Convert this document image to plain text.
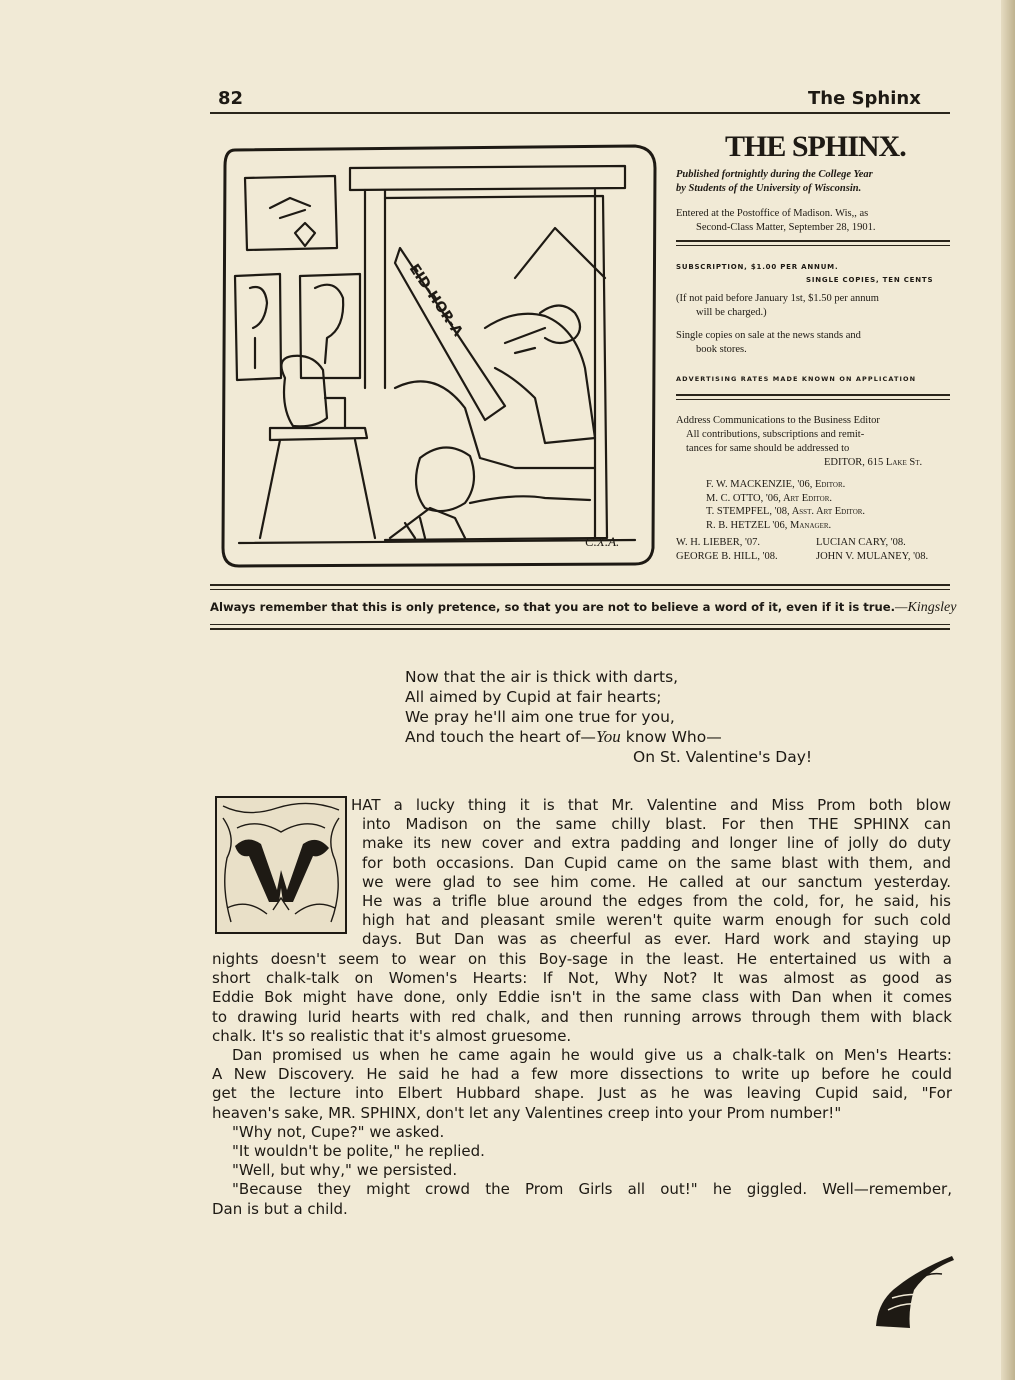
82	The Sphinx
EID-HOR-A
C.X.A.
THE SPHINX.
Published fortnightly during the College Year
by Students of the University of Wisconsin.
Entered at the Postoffice of Madison. Wis,, as
Second-Class Matter, September 28, 1901.
SUBSCRIPTION, $1.00 PER ANNUM.
SINGLE COPIES, TEN CENTS
(If not paid before January 1st, $1.50 per annum
will be charged.)
Single copies on sale at the news stands and
book stores.
ADVERTISING RATES MADE KNOWN ON APPLICATION
Address Communications to the Business Editor
All contributions, subscriptions and remit-
tances for same should be addressed to
EDITOR, 615 Lake St.
F. W. MACKENZIE, '06, Editor.
M. C. OTTO, '06, Art Editor.
T. STEMPFEL, '08, Asst. Art Editor.
R. B. HETZEL '06, Manager.
W. H. LIEBER, '07.
GEORGE B. HILL, '08.
LUCIAN CARY, '08.
JOHN V. MULANEY, '08.
Always remember that this is only pretence, so that you are not to believe a word of it, even if it is true.—Kingsley
Now that the air is thick with darts,
All aimed by Cupid at fair hearts;
We pray he'll aim one true for you,
And touch the heart of—You know Who—
On St. Valentine's Day!
HAT a lucky thing it is that Mr. Valentine and Miss Prom both blow
into Madison on the same chilly blast. For then THE SPHINX can
make its new cover and extra padding and longer line of jolly do duty
for both occasions. Dan Cupid came on the same blast with them, and
we were glad to see him come. He called at our sanctum yesterday.
He was a trifle blue around the edges from the cold, for, he said, his
high hat and pleasant smile weren't quite warm enough for such cold
days. But Dan was as cheerful as ever. Hard work and staying up
nights doesn't seem to wear on this Boy-sage in the least. He entertained us with a
short chalk-talk on Women's Hearts: If Not, Why Not? It was almost as good as
Eddie Bok might have done, only Eddie isn't in the same class with Dan when it comes
to drawing lurid hearts with red chalk, and then running arrows through them with black
chalk. It's so realistic that it's almost gruesome.
Dan promised us when he came again he would give us a chalk-talk on Men's Hearts:
A New Discovery. He said he had a few more dissections to write up before he could
get the lecture into Elbert Hubbard shape. Just as he was leaving Cupid said, "For
heaven's sake, MR. SPHINX, don't let any Valentines creep into your Prom number!"
"Why not, Cupe?" we asked.
"It wouldn't be polite," he replied.
"Well, but why," we persisted.
"Because they might crowd the Prom Girls all out!" he giggled. Well—remember,
Dan is but a child.
